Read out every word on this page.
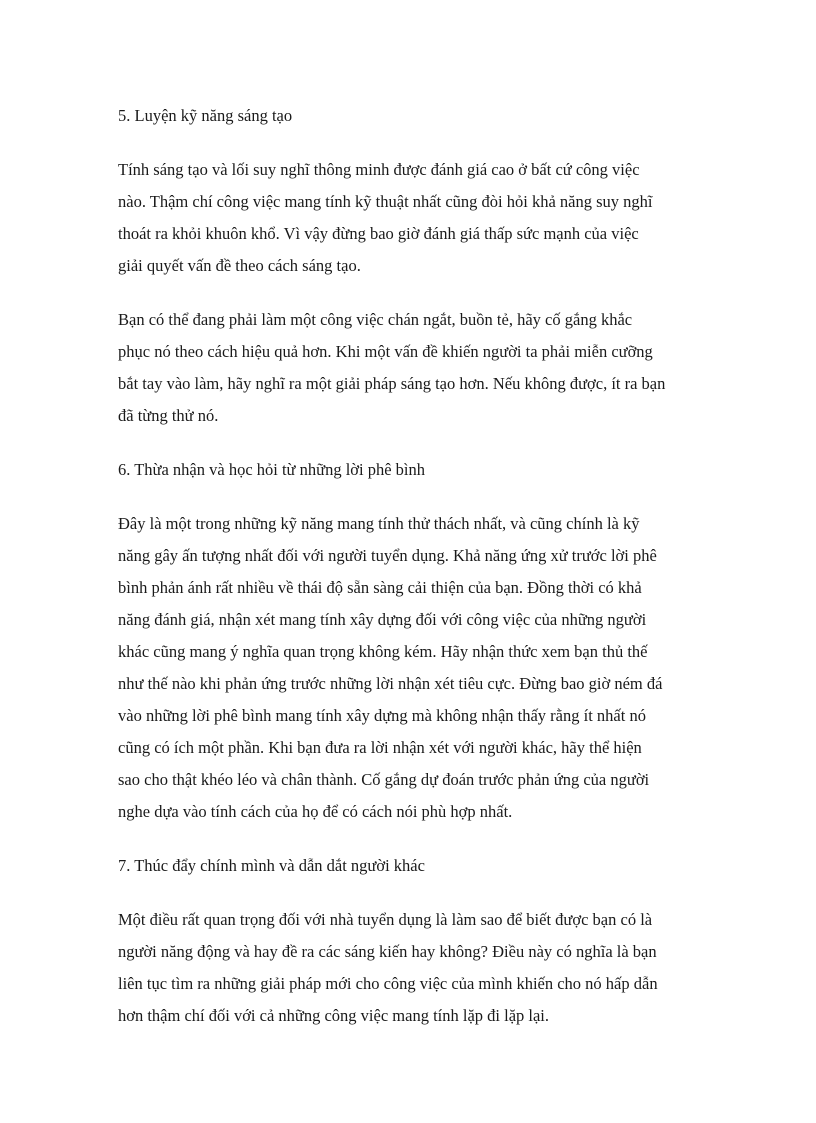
5. Luyện kỹ năng sáng tạo

Tính sáng tạo và lối suy nghĩ thông minh được đánh giá cao ở bất cứ công việc
nào. Thậm chí công việc mang tính kỹ thuật nhất cũng đòi hỏi khả năng suy nghĩ
thoát ra khỏi khuôn khổ. Vì vậy đừng bao giờ đánh giá thấp sức mạnh của việc
giải quyết vấn đề theo cách sáng tạo.

Bạn có thể đang phải làm một công việc chán ngắt, buồn tẻ, hãy cố gắng khắc
phục nó theo cách hiệu quả hơn. Khi một vấn đề khiến người ta phải miễn cưỡng
bắt tay vào làm, hãy nghĩ ra một giải pháp sáng tạo hơn. Nếu không được, ít ra bạn
đã từng thử nó.

6. Thừa nhận và học hỏi từ những lời phê bình

Đây là một trong những kỹ năng mang tính thử thách nhất, và cũng chính là kỹ
năng gây ấn tượng nhất đối với người tuyển dụng. Khả năng ứng xử trước lời phê
bình phản ánh rất nhiều về thái độ sẵn sàng cải thiện của bạn. Đồng thời có khả
năng đánh giá, nhận xét mang tính xây dựng đối với công việc của những người
khác cũng mang ý nghĩa quan trọng không kém. Hãy nhận thức xem bạn thủ thế
như thế nào khi phản ứng trước những lời nhận xét tiêu cực. Đừng bao giờ ném đá
vào những lời phê bình mang tính xây dựng mà không nhận thấy rằng ít nhất nó
cũng có ích một phần. Khi bạn đưa ra lời nhận xét với người khác, hãy thể hiện
sao cho thật khéo léo và chân thành. Cố gắng dự đoán trước phản ứng của người
nghe dựa vào tính cách của họ để có cách nói phù hợp nhất.

7. Thúc đẩy chính mình và dẫn dắt người khác

Một điều rất quan trọng đối với nhà tuyển dụng là làm sao để biết được bạn có là
người năng động và hay đề ra các sáng kiến hay không? Điều này có nghĩa là bạn
liên tục tìm ra những giải pháp mới cho công việc của mình khiến cho nó hấp dẫn
hơn thậm chí đối với cả những công việc mang tính lặp đi lặp lại.
